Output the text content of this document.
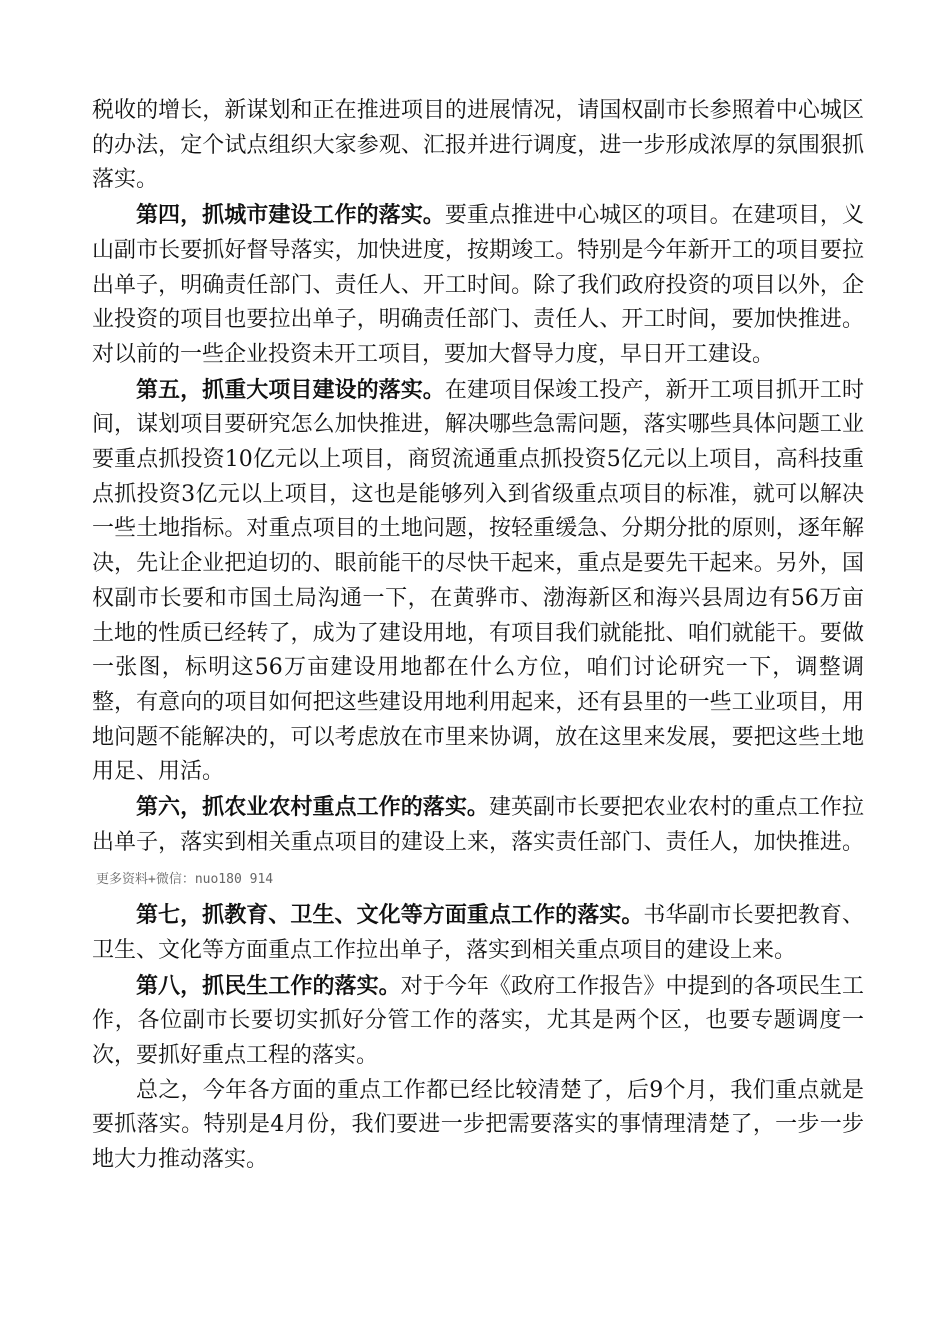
税收的增长，新谋划和正在推进项目的进展情况，请国权副市长参照着中心城区的办法，定个试点组织大家参观、汇报并进行调度，进一步形成浓厚的氛围狠抓落实。

第四，抓城市建设工作的落实。要重点推进中心城区的项目。在建项目，义山副市长要抓好督导落实，加快进度，按期竣工。特别是今年新开工的项目要拉出单子，明确责任部门、责任人、开工时间。除了我们政府投资的项目以外，企业投资的项目也要拉出单子，明确责任部门、责任人、开工时间，要加快推进。对以前的一些企业投资未开工项目，要加大督导力度，早日开工建设。

第五，抓重大项目建设的落实。在建项目保竣工投产，新开工项目抓开工时间，谋划项目要研究怎么加快推进，解决哪些急需问题，落实哪些具体问题工业要重点抓投资10亿元以上项目，商贸流通重点抓投资5亿元以上项目，高科技重点抓投资3亿元以上项目，这也是能够列入到省级重点项目的标准，就可以解决一些土地指标。对重点项目的土地问题，按轻重缓急、分期分批的原则，逐年解决，先让企业把迫切的、眼前能干的尽快干起来，重点是要先干起来。另外，国权副市长要和市国土局沟通一下，在黄骅市、渤海新区和海兴县周边有56万亩土地的性质已经转了，成为了建设用地，有项目我们就能批、咱们就能干。要做一张图，标明这56万亩建设用地都在什么方位，咱们讨论研究一下，调整调整，有意向的项目如何把这些建设用地利用起来，还有县里的一些工业项目，用地问题不能解决的，可以考虑放在市里来协调，放在这里来发展，要把这些土地用足、用活。

第六，抓农业农村重点工作的落实。建英副市长要把农业农村的重点工作拉出单子，落实到相关重点项目的建设上来，落实责任部门、责任人，加快推进。更多资料+微信：nuo180 914

第七，抓教育、卫生、文化等方面重点工作的落实。书华副市长要把教育、卫生、文化等方面重点工作拉出单子，落实到相关重点项目的建设上来。

第八，抓民生工作的落实。对于今年《政府工作报告》中提到的各项民生工作，各位副市长要切实抓好分管工作的落实，尤其是两个区，也要专题调度一次，要抓好重点工程的落实。

总之，今年各方面的重点工作都已经比较清楚了，后9个月，我们重点就是要抓落实。特别是4月份，我们要进一步把需要落实的事情理清楚了，一步一步地大力推动落实。
